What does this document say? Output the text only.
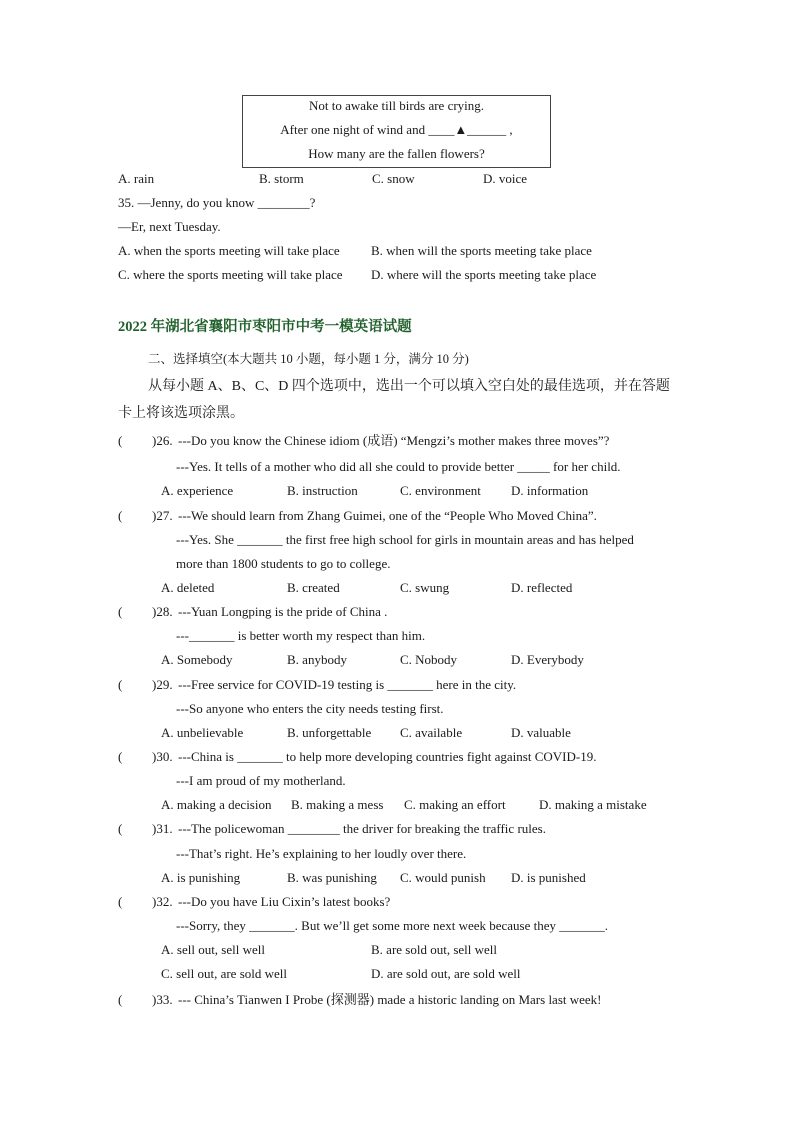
Not to awake till birds are crying.
After one night of wind and ____▲______ ,
How many are the fallen flowers?
A. rain	B. storm	C. snow	D. voice
35. —Jenny, do you know ________?
—Er, next Tuesday.
A. when the sports meeting will take place B. when will the sports meeting take place
C. where the sports meeting will take place D. where will the sports meeting take place
2022 年湖北省襄阳市枣阳市中考一模英语试题
二、选择填空(本大题共 10 小题，每小题 1 分，满分 10 分)
从每小题 A、B、C、D 四个选项中，选出一个可以填入空白处的最佳选项，并在答题
卡上将该选项涂黑。
( )26. ---Do you know the Chinese idiom (成语) “Mengzi’s mother makes three moves”?
---Yes. It tells of a mother who did all she could to provide better _____ for her child.
A. experience	B. instruction	C. environment D. information
( )27. ---We should learn from Zhang Guimei, one of the “People Who Moved China”.
---Yes. She _______ the first free high school for girls in mountain areas and has helped
more than 1800 students to go to college.
A. deleted	B. created	C. swung	D. reflected
( )28. ---Yuan Longping is the pride of China .
---_______ is better worth my respect than him.
A. Somebody	B. anybody	C. Nobody	D. Everybody
( )29. ---Free service for COVID-19 testing is _______ here in the city.
---So anyone who enters the city needs testing first.
A. unbelievable	B. unforgettable C. available	D. valuable
( )30. ---China is _______ to help more developing countries fight against COVID-19.
---I am proud of my motherland.
A. making a decision B. making a mess C. making an effort	D. making a mistake
( )31. ---The policewoman ________ the driver for breaking the traffic rules.
---That’s right. He’s explaining to her loudly over there.
A. is punishing	B. was punishing C. would punish D. is punished
( )32. ---Do you have Liu Cixin’s latest books?
---Sorry, they _______. But we’ll get some more next week because they _______.
A. sell out, sell well	B. are sold out, sell well
C. sell out, are sold well	D. are sold out, are sold well
( )33. --- China’s Tianwen I Probe (探测器) made a historic landing on Mars last week!
